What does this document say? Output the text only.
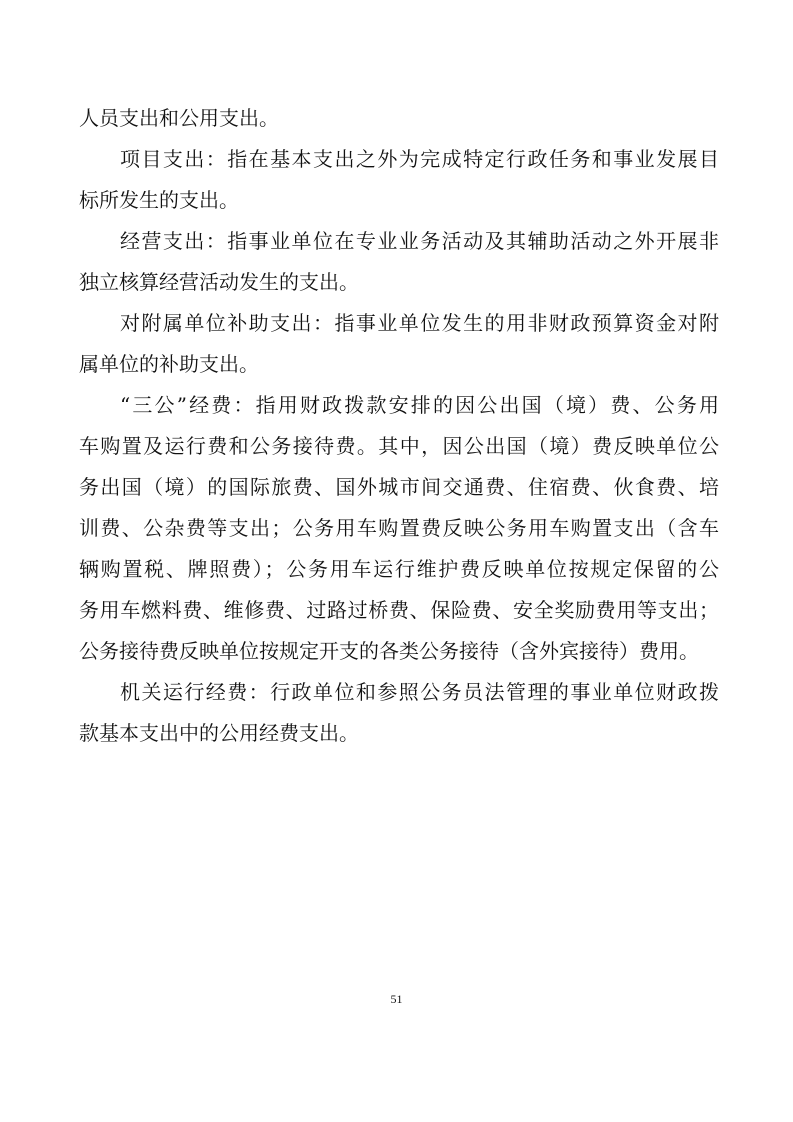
人员支出和公用支出。
项目支出：指在基本支出之外为完成特定行政任务和事业发展目
标所发生的支出。
经营支出：指事业单位在专业业务活动及其辅助活动之外开展非
独立核算经营活动发生的支出。
对附属单位补助支出：指事业单位发生的用非财政预算资金对附
属单位的补助支出。
“三公”经费：指用财政拨款安排的因公出国（境）费、公务用
车购置及运行费和公务接待费。其中，因公出国（境）费反映单位公
务出国（境）的国际旅费、国外城市间交通费、住宿费、伙食费、培
训费、公杂费等支出；公务用车购置费反映公务用车购置支出（含车
辆购置税、牌照费）；公务用车运行维护费反映单位按规定保留的公
务用车燃料费、维修费、过路过桥费、保险费、安全奖励费用等支出；
公务接待费反映单位按规定开支的各类公务接待（含外宾接待）费用。
机关运行经费：行政单位和参照公务员法管理的事业单位财政拨
款基本支出中的公用经费支出。
51
